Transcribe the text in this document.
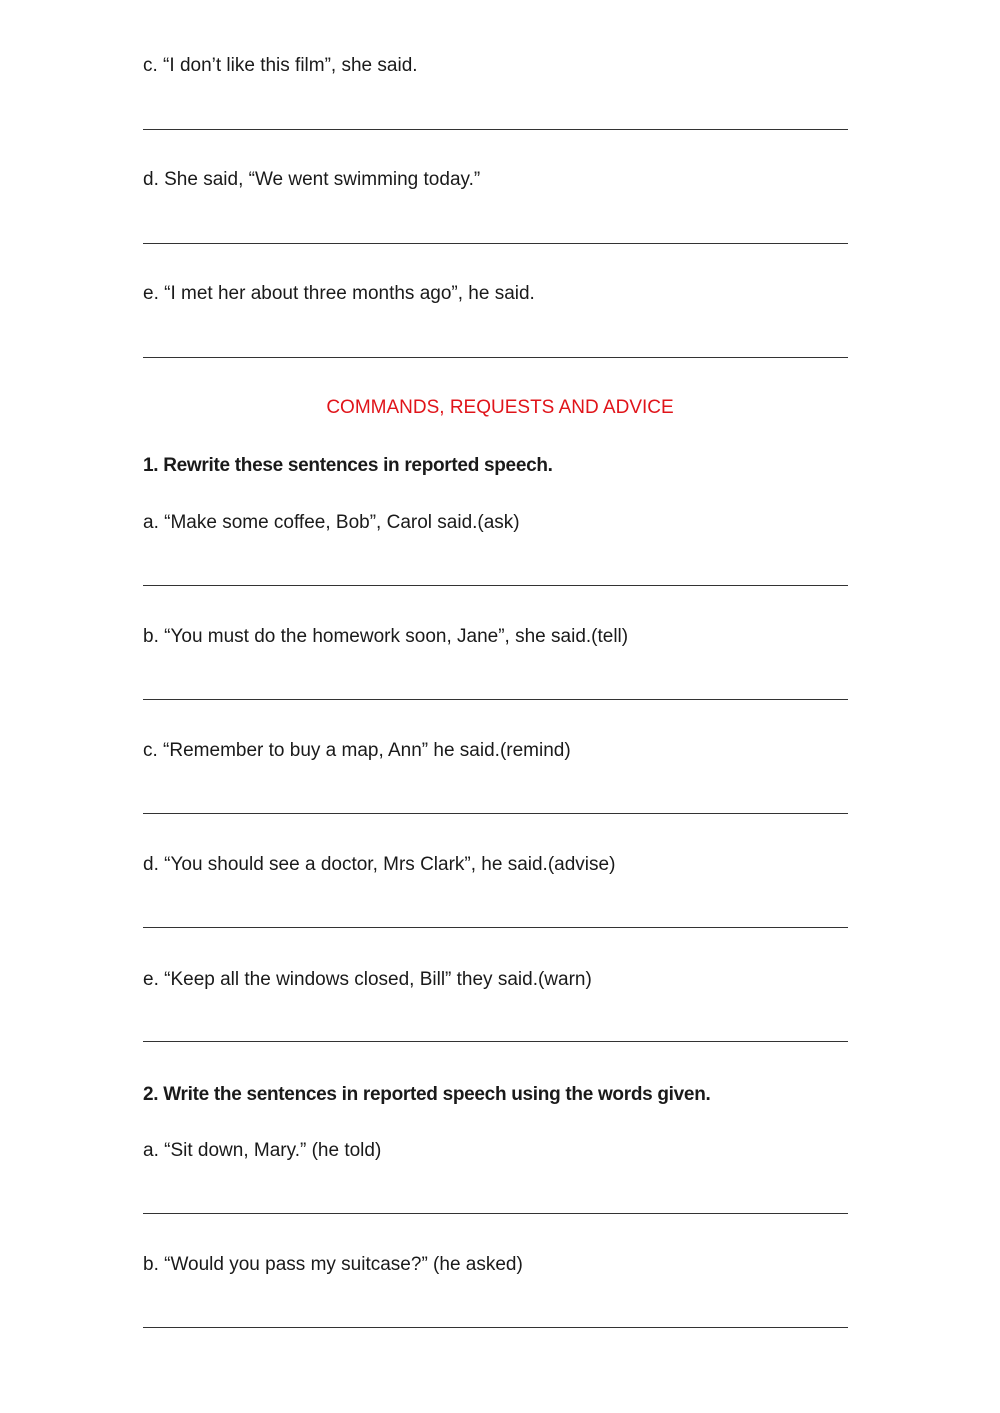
c. “I don’t like this film”, she said.
d. She said, “We went swimming today.”
e. “I met her about three months ago”, he said.
COMMANDS, REQUESTS AND ADVICE
1. Rewrite these sentences in reported speech.
a. “Make some coffee, Bob”, Carol said.(ask)
b. “You must do the homework soon, Jane”, she said.(tell)
c. “Remember to buy a map, Ann” he said.(remind)
d. “You should see a doctor, Mrs Clark”, he said.(advise)
e. “Keep all the windows closed, Bill” they said.(warn)
2. Write the sentences in reported speech using the words given.
a. “Sit down, Mary.” (he told)
b. “Would you pass my suitcase?” (he asked)
